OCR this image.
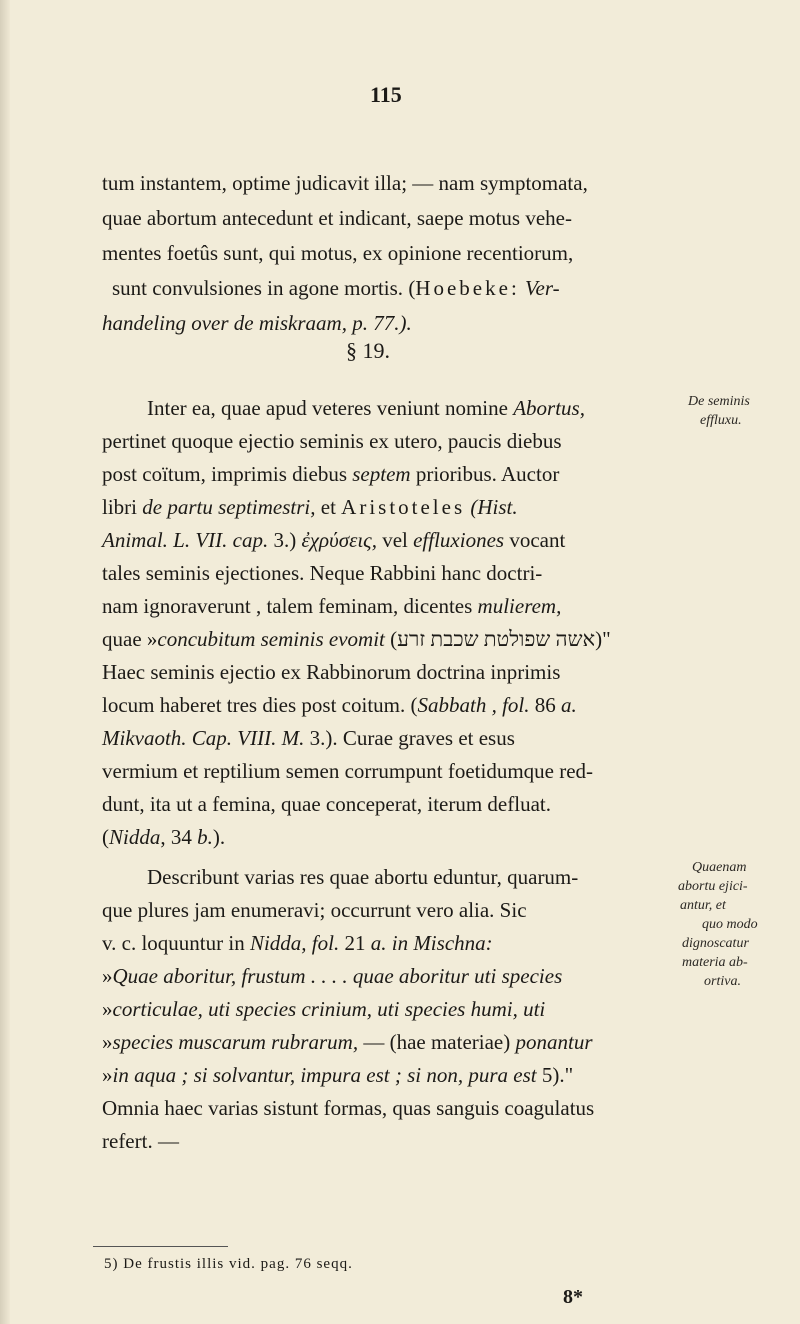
115
tum instantem, optime judicavit illa; — nam symptomata,
quae abortum antecedunt et indicant, saepe motus vehe-
mentes foetûs sunt, qui motus, ex opinione recentiorum,
sunt convulsiones in agone mortis. (Hoebeke: Ver-
handeling over de miskraam, p. 77.).
§ 19.
Inter ea, quae apud veteres veniunt nomine Abortus,
pertinet quoque ejectio seminis ex utero, paucis diebus
post coïtum, imprimis diebus septem prioribus. Auctor
libri de partu septimestri, et Aristoteles (Hist.
Animal. L. VII. cap. 3.) ἐχρύσεις, vel effluxiones vocant
tales seminis ejectiones. Neque Rabbini hanc doctri-
nam ignoraverunt , talem feminam, dicentes mulierem,
quae »concubitum seminis evomit (אשה שפולטת שכבת זרע)"
Haec seminis ejectio ex Rabbinorum doctrina inprimis
locum haberet tres dies post coitum. (Sabbath , fol. 86 a.
Mikvaoth. Cap. VIII. M. 3.). Curae graves et esus
vermium et reptilium semen corrumpunt foetidumque red-
dunt, ita ut a femina, quae conceperat, iterum defluat.
(Nidda, 34 b.).
Describunt varias res quae abortu eduntur, quarum-
que plures jam enumeravi; occurrunt vero alia. Sic
v. c. loquuntur in Nidda, fol. 21 a. in Mischna:
»Quae aboritur, frustum . . . . quae aboritur uti species
»corticulae, uti species crinium, uti species humi, uti
»species muscarum rubrarum, — (hae materiae) ponantur
»in aqua ; si solvantur, impura est ; si non, pura est 5)."
Omnia haec varias sistunt formas, quas sanguis coagulatus
refert. —
De seminis
effluxu.
Quaenam
abortu ejici-
antur, et
quo modo
dignoscatur
materia ab-
ortiva.
5) De frustis illis vid. pag. 76 seqq.
8*
